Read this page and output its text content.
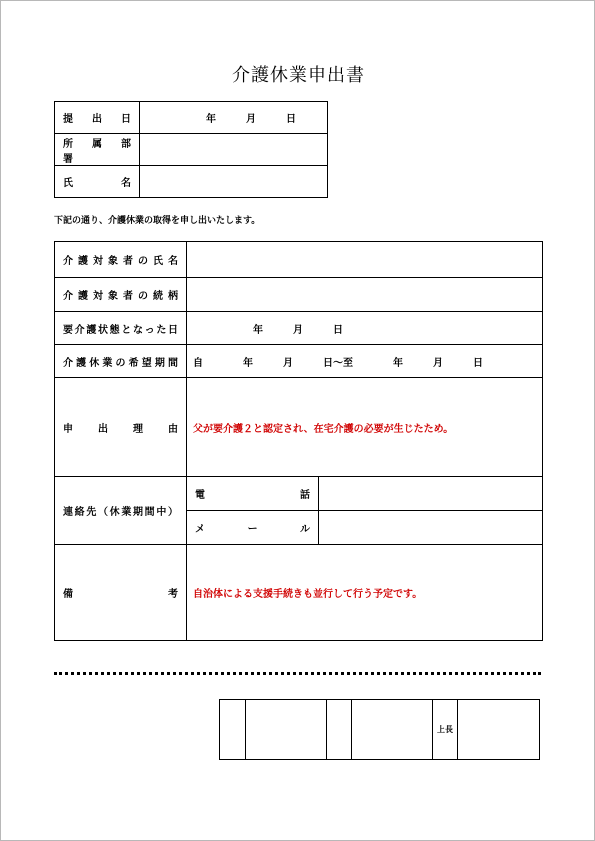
介護休業申出書
提　出　日	　　　　　　年　　　月　　　日
所　属　部　署	
氏　　　名	
下記の通り、介護休業の取得を申し出いたします。
介護対象者の氏名		
介護対象者の続柄		
要介護状態となった日	　　　　　　年　　　月　　　日	
介護休業の希望期間	自　　　　年　　　月　　　日～至　　　　年　　　月　　　日	
申　出　理　由	父が要介護２と認定され、在宅介護の必要が生じたため。	
連絡先（休業期間中）	電　話	
	メール	
備　　　　考	自治体による支援手続きも並行して行う予定です。	
				上長	
